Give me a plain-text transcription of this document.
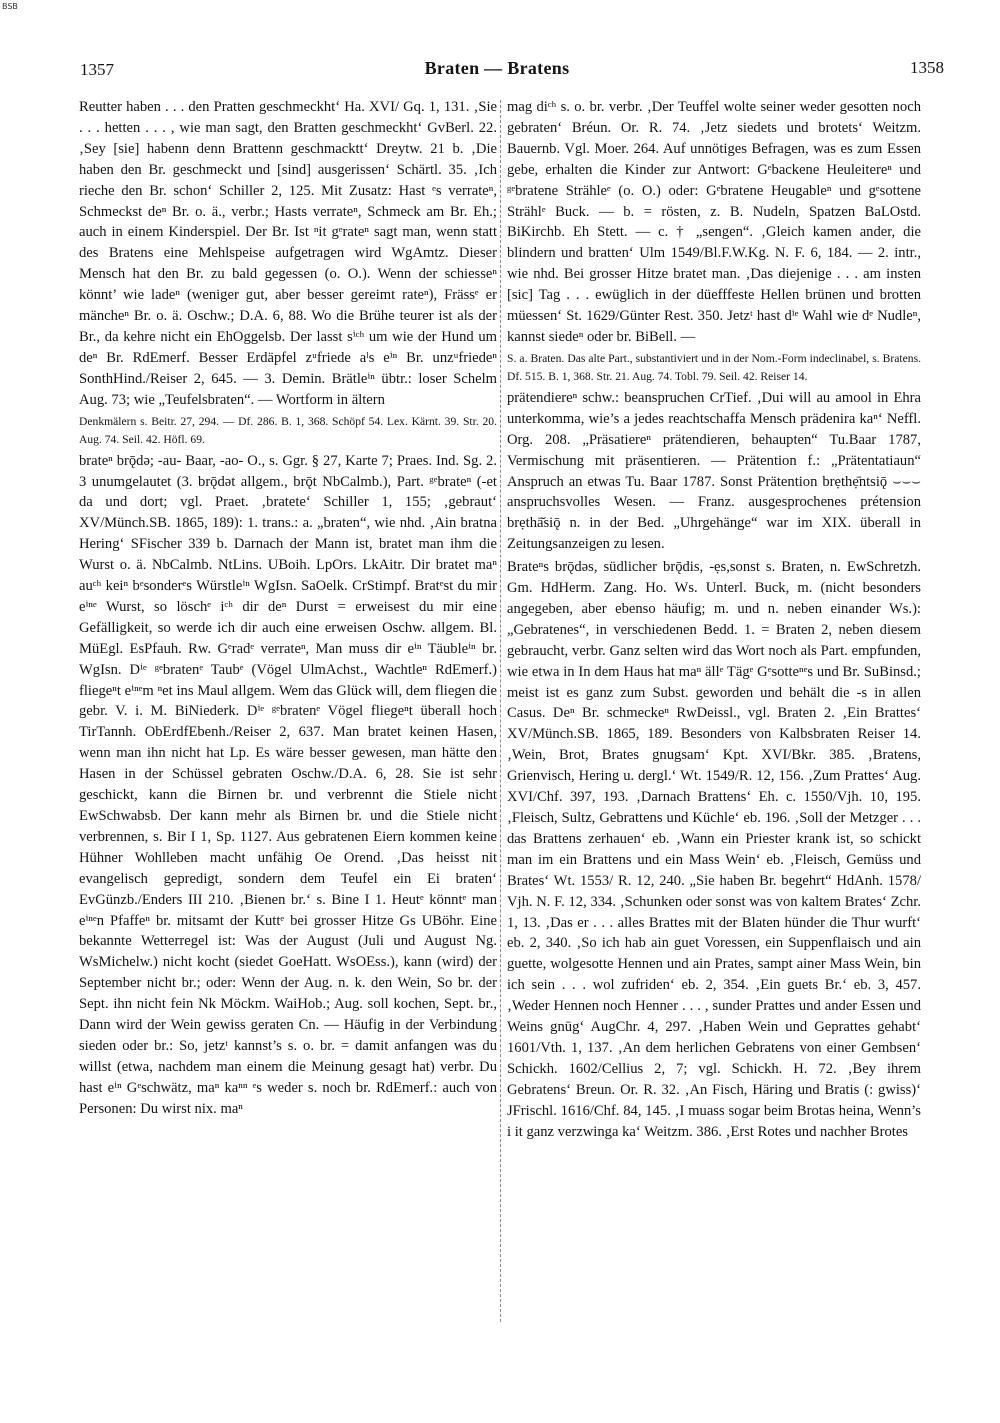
BSB
1357	Braten — Bratens	1358

Reutter haben . . . den Pratten geschmeckht‘ Ha. XVI/ Gq. 1, 131. ‚Sie . . . hetten . . . , wie man sagt, den Bratten geschmeckht‘ GvBerl. 22. ‚Sey [sie] habenn denn Brattenn geschmacktt‘ Dreytw. 21 b. ‚Die haben den Br. geschmeckt und [sind] ausgerissen‘ Schärtl. 35. ‚Ich rieche den Br. schon‘ Schiller 2, 125. Mit Zusatz: Hast ᵉs verrateⁿ, Schmeckst deⁿ Br. o. ä., verbr.; Hasts verrateⁿ, Schmeck am Br. Eh.; auch in einem Kinderspiel. Der Br. Ist ⁿit gᵉrateⁿ sagt man, wenn statt des Bratens eine Mehlspeise aufgetragen wird WgAmtz. Dieser Mensch hat den Br. zu bald gegessen (o. O.). Wenn der schiesseⁿ könnt’ wie ladeⁿ (weniger gut, aber besser gereimt rateⁿ), Frässᵉ er mäncheⁿ Br. o. ä. Oschw.; D.A. 6, 88. Wo die Brühe teurer ist als der Br., da kehre nicht ein EhOggelsb. Der lasst sⁱᶜʰ um wie der Hund um deⁿ Br. RdEmerf. Besser Erdäpfel zᵘfriede aˡs eⁱⁿ Br. unzᵘfriedeⁿ SonthHind./Reiser 2, 645. — 3. Demin. Brätleⁱⁿ übtr.: loser Schelm Aug. 73; wie „Teufelsbraten“. — Wortform in ältern

Denkmälern s. Beitr. 27, 294. — Df. 286. B. 1, 368. Schöpf 54. Lex. Kärnt. 39. Str. 20. Aug. 74. Seil. 42. Höfl. 69.

brateⁿ brǭdə; -au- Baar, -ao- O., s. Ggr. § 27, Karte 7; Praes. Ind. Sg. 2. 3 unumgelautet (3. brǭdət allgem., brǭt NbCalmb.), Part. ᵍᵉbrateⁿ (-et da und dort; vgl. Praet. ‚bratete‘ Schiller 1, 155; ‚gebraut‘ XV/Münch.SB. 1865, 189): 1. trans.: a. „braten“, wie nhd. ‚Ain bratna Hering‘ SFischer 339 b. Darnach der Mann ist, bratet man ihm die Wurst o. ä. NbCalmb. NtLins. UBoih. LpOrs. LkAitr. Dir bratet maⁿ auᶜʰ keiⁿ bᵉsonderᵉs Würstleⁱⁿ WgIsn. SaOelk. CrStimpf. Bratᵉst du mir eⁱⁿᵉ Wurst, so löschᵉ iᶜʰ dir deⁿ Durst = erweisest du mir eine Gefälligkeit, so werde ich dir auch eine erweisen Oschw. allgem. Bl. MüEgl. EsPfauh. Rw. Gᵉradᵉ verrateⁿ, Man muss dir eⁱⁿ Täubleⁱⁿ br. WgIsn. Dⁱᵉ ᵍᵉbratenᵉ Taubᵉ (Vögel UlmAchst., Wachtleⁿ RdEmerf.) fliegeⁿt eⁱⁿᵉm ⁿet ins Maul allgem. Wem das Glück will, dem fliegen die gebr. V. i. M. BiNiederk. Dⁱᵉ ᵍᵉbratenᵉ Vögel fliegeⁿt überall hoch TirTannh. ObErdfEbenh./Reiser 2, 637. Man bratet keinen Hasen, wenn man ihn nicht hat Lp. Es wäre besser gewesen, man hätte den Hasen in der Schüssel gebraten Oschw./D.A. 6, 28. Sie ist sehr geschickt, kann die Birnen br. und verbrennt die Stiele nicht EwSchwabsb. Der kann mehr als Birnen br. und die Stiele nicht verbrennen, s. Bir I 1, Sp. 1127. Aus gebratenen Eiern kommen keine Hühner Wohlleben macht unfähig Oe Orend. ‚Das heisst nit evangelisch gepredigt, sondern dem Teufel ein Ei braten‘ EvGünzb./Enders III 210. ‚Bienen br.‘ s. Bine I 1. Heutᵉ könntᵉ man eⁱⁿᵉn Pfaffeⁿ br. mitsamt der Kuttᵉ bei grosser Hitze Gs UBöhr. Eine bekannte Wetterregel ist: Was der August (Juli und August Ng. WsMichelw.) nicht kocht (siedet GoeHatt. WsOEss.), kann (wird) der September nicht br.; oder: Wenn der Aug. n. k. den Wein, So br. der Sept. ihn nicht fein Nk Möckm. WaiHob.; Aug. soll kochen, Sept. br., Dann wird der Wein gewiss geraten Cn. — Häufig in der Verbindung sieden oder br.: So, jetzᵗ kannst’s s. o. br. = damit anfangen was du willst (etwa, nachdem man einem die Meinung gesagt hat) verbr. Du hast eⁱⁿ Gᵉschwätz, maⁿ kaⁿⁿ ᵉs weder s. noch br. RdEmerf.: auch von Personen: Du wirst nix. maⁿ

mag diᶜʰ s. o. br. verbr. ‚Der Teuffel wolte seiner weder gesotten noch gebraten‘ Bréun. Or. R. 74. ‚Jetz siedets und brotets‘ Weitzm. Bauernb. Vgl. Moer. 264. Auf unnötiges Befragen, was es zum Essen gebe, erhalten die Kinder zur Antwort: Gᵉbackene Heuleitereⁿ und ᵍᵉbratene Strähleᵉ (o. O.) oder: Gᵉbratene Heugableⁿ und gᵉsottene Strählᵉ Buck. — b. = rösten, z. B. Nudeln, Spatzen BaLOstd. BiKirchb. Eh Stett. — c. † „sengen“. ‚Gleich kamen ander, die blindern und bratten‘ Ulm 1549/Bl.F.W.Kg. N. F. 6, 184. — 2. intr., wie nhd. Bei grosser Hitze bratet man. ‚Das diejenige . . . am insten [sic] Tag . . . ewüglich in der düefffeste Hellen brünen und brotten müessen‘ St. 1629/Günter Rest. 350. Jetzᵗ hast dⁱᵉ Wahl wie dᵉ Nudleⁿ, kannst siedeⁿ oder br. BiBell. —

S. a. Braten. Das alte Part., substantiviert und in der Nom.-Form indeclinabel, s. Bratens. Df. 515. B. 1, 368. Str. 21. Aug. 74. Tobl. 79. Seil. 42. Reiser 14.

prätendiereⁿ schw.: beanspruchen CrTief. ‚Dui will au amool in Ehra unterkomma, wie’s a jedes reachtschaffa Mensch prädenira kaⁿ‘ Neffl. Org. 208. „Präsatiereⁿ prätendieren, behaupten“ Tu.Baar 1787, Vermischung mit präsentieren. — Prätention f.: „Prätentatiaun“ Anspruch an etwas Tu. Baar 1787. Sonst Prätention brẹthẹ̄ntsiǭ ⌣⌣⌣ anspruchsvolles Wesen. — Franz. ausgesprochenes prétension brẹthā̆siǭ n. in der Bed. „Uhrgehänge“ war im XIX. überall in Zeitungsanzeigen zu lesen.

Brateⁿs brǭdəs, südlicher brǭdis, -ẹs,sonst s. Braten, n. EwSchretzh. Gm. HdHerm. Zang. Ho. Ws. Unterl. Buck, m. (nicht besonders angegeben, aber ebenso häufig; m. und n. neben einander Ws.): „Gebratenes“, in verschiedenen Bedd. 1. = Braten 2, neben diesem gebraucht, verbr. Ganz selten wird das Wort noch als Part. empfunden, wie etwa in In dem Haus hat maⁿ ällᵉ Tägᵉ Gᵉsotteⁿᵉs und Br. SuBinsd.; meist ist es ganz zum Subst. geworden und behält die -s in allen Casus. Deⁿ Br. schmeckeⁿ RwDeissl., vgl. Braten 2. ‚Ein Brattes‘ XV/Münch.SB. 1865, 189. Besonders von Kalbsbraten Reiser 14. ‚Wein, Brot, Brates gnugsam‘ Kpt. XVI/Bkr. 385. ‚Bratens, Grienvisch, Hering u. dergl.‘ Wt. 1549/R. 12, 156. ‚Zum Prattes‘ Aug. XVI/Chf. 397, 193. ‚Darnach Brattens‘ Eh. c. 1550/Vjh. 10, 195. ‚Fleisch, Sultz, Gebrattens und Küchle‘ eb. 196. ‚Soll der Metzger . . . das Brattens zerhauen‘ eb. ‚Wann ein Priester krank ist, so schickt man im ein Brattens und ein Mass Wein‘ eb. ‚Fleisch, Gemüss und Brates‘ Wt. 1553/ R. 12, 240. „Sie haben Br. begehrt“ HdAnh. 1578/ Vjh. N. F. 12, 334. ‚Schunken oder sonst was von kaltem Brates‘ Zchr. 1, 13. ‚Das er . . . alles Brattes mit der Blaten hünder die Thur wurft‘ eb. 2, 340. ‚So ich hab ain guet Voressen, ein Suppenflaisch und ain guette, wolgesotte Hennen und ain Prates, sampt ainer Mass Wein, bin ich sein . . . wol zufriden‘ eb. 2, 354. ‚Ein guets Br.‘ eb. 3, 457. ‚Weder Hennen noch Henner . . . , sunder Prattes und ander Essen und Weins gnūg‘ AugChr. 4, 297. ‚Haben Wein und Geprattes gehabt‘ 1601/Vth. 1, 137. ‚An dem herlichen Gebratens von einer Gembsen‘ Schickh. 1602/Cellius 2, 7; vgl. Schickh. H. 72. ‚Bey ihrem Gebratens‘ Breun. Or. R. 32. ‚An Fisch, Häring und Bratis (: gwiss)‘ JFrischl. 1616/Chf. 84, 145. ‚I muass sogar beim Brotas heina, Wenn’s i it ganz verzwinga ka‘ Weitzm. 386. ‚Erst Rotes und nachher Brotes
